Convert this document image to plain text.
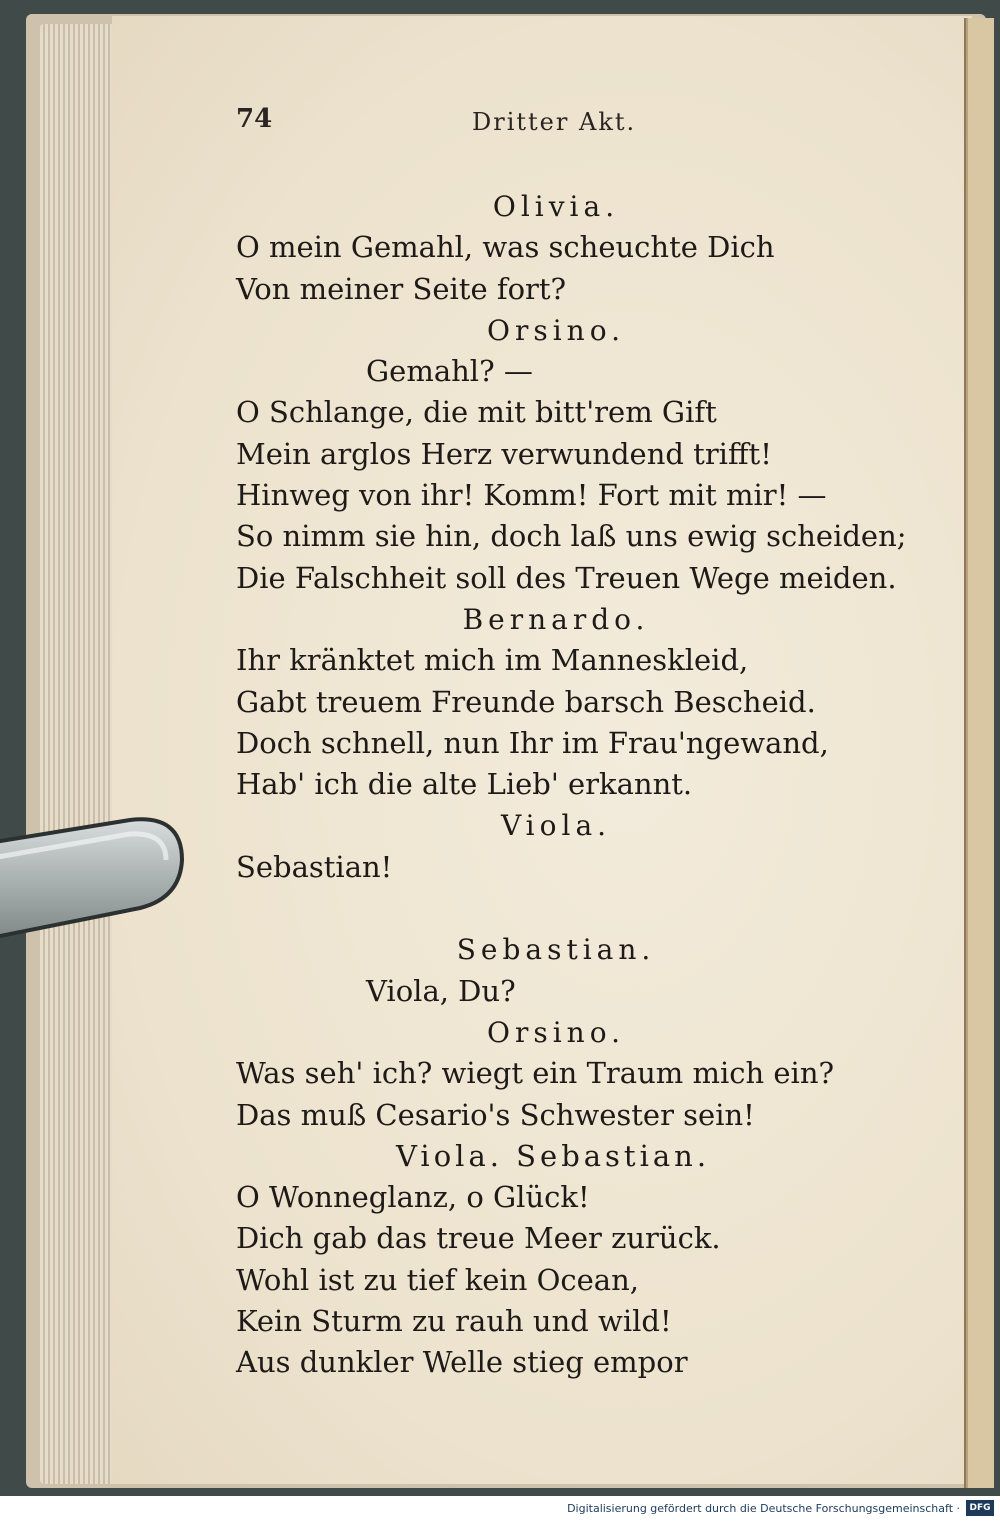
74	Dritter Akt.
Olivia.
O mein Gemahl, was scheuchte Dich
Von meiner Seite fort?
Orsino.
Gemahl? —
O Schlange, die mit bitt'rem Gift
Mein arglos Herz verwundend trifft!
Hinweg von ihr! Komm! Fort mit mir! —
So nimm sie hin, doch laß uns ewig scheiden;
Die Falschheit soll des Treuen Wege meiden.
Bernardo.
Ihr kränktet mich im Manneskleid,
Gabt treuem Freunde barsch Bescheid.
Doch schnell, nun Ihr im Frau'ngewand,
Hab' ich die alte Lieb' erkannt.
Viola.
Sebastian!
Sebastian.
Viola, Du?
Orsino.
Was seh' ich? wiegt ein Traum mich ein?
Das muß Cesario's Schwester sein!
Viola. Sebastian.
O Wonneglanz, o Glück!
Dich gab das treue Meer zurück.
Wohl ist zu tief kein Ocean,
Kein Sturm zu rauh und wild!
Aus dunkler Welle stieg empor
Digitalisierung gefördert durch die Deutsche Forschungsgemeinschaft ·	DFG
